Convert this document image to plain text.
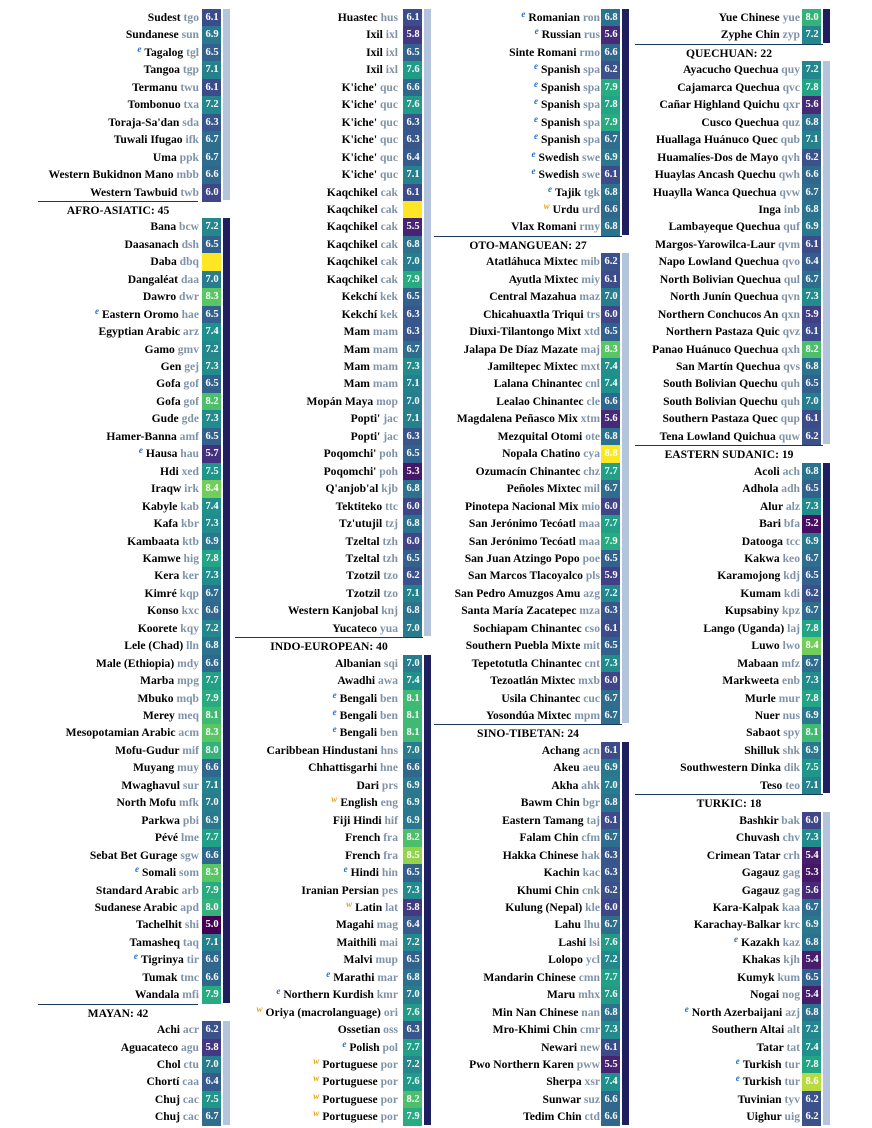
Sudest tgo 6.1
Sundanese sun 6.9
$^e$ Tagalog tgl 6.5
Tangoa tgp 7.1
Termanu twu 6.1
Tombonuo txa 7.2
Toraja-Sa'dan sda 6.3
Tuwali Ifugao ifk 6.7
Uma ppk 6.7
Western Bukidnon Mano mbb 6.6
Western Tawbuid twb 6.0
AFRO-ASIATIC: 45
Bana bcw 7.2
Daasanach dsh 6.5
Daba dbq
Dangaléat daa 7.0
Dawro dwr 8.3
$^e$ Eastern Oromo hae 6.5
Egyptian Arabic arz 7.4
Gamo gmv 7.2
Gen gej 7.3
Gofa gof 6.5
Gofa gof 8.2
Gude gde 7.3
Hamer-Banna amf 6.5
$^e$ Hausa hau 5.7
Hdi xed 7.5
Iraqw irk 8.4
Kabyle kab 7.4
Kafa kbr 7.3
Kambaata ktb 6.9
Kamwe hig 7.8
Kera ker 7.3
Kimré kqp 6.7
Konso kxc 6.6
Koorete kqy 7.2
Lele (Chad) lln 6.8
Male (Ethiopia) mdy 6.6
Marba mpg 7.7
Mbuko mqb 7.9
Merey meq 8.1
Mesopotamian Arabic acm 8.3
Mofu-Gudur mif 8.0
Muyang muy 6.6
Mwaghavul sur 7.1
North Mofu mfk 7.0
Parkwa pbi 6.9
Pévé lme 7.7
Sebat Bet Gurage sgw 6.6
$^e$ Somali som 8.3
Standard Arabic arb 7.9
Sudanese Arabic apd 8.0
Tachelhit shi 5.0
Tamasheq taq 7.1
$^e$ Tigrinya tir 6.6
Tumak tmc 6.6
Wandala mfi 7.9
MAYAN: 42
Achi acr 6.2
Aguacateco agu 5.8
Chol ctu 7.0
Chortí caa 6.4
Chuj cac 7.5
Chuj cac 6.7
Huastec hus 6.1
Ixil ixl 5.8
Ixil ixl 6.5
Ixil ixl 7.6
K'iche' quc 6.6
K'iche' quc 7.6
K'iche' quc 6.3
K'iche' quc 6.3
K'iche' quc 6.4
K'iche' quc 7.1
Kaqchikel cak 6.1
Kaqchikel cak
Kaqchikel cak 5.5
Kaqchikel cak 6.8
Kaqchikel cak 7.0
Kaqchikel cak 7.9
Kekchí kek 6.5
Kekchí kek 6.3
Mam mam 6.3
Mam mam 6.7
Mam mam 7.3
Mam mam 7.1
Mopán Maya mop 7.0
Popti' jac 7.1
Popti' jac 6.3
Poqomchi' poh 6.5
Poqomchi' poh 5.3
Q'anjob'al kjb 6.8
Tektiteko ttc 6.0
Tz'utujil tzj 6.8
Tzeltal tzh 6.0
Tzeltal tzh 6.5
Tzotzil tzo 6.2
Tzotzil tzo 7.1
Western Kanjobal knj 6.8
Yucateco yua 7.0
INDO-EUROPEAN: 40
Albanian sqi 7.0
Awadhi awa 7.4
$^e$ Bengali ben 8.1
$^e$ Bengali ben 8.1
$^e$ Bengali ben 8.1
Caribbean Hindustani hns 7.0
Chhattisgarhi hne 6.6
Dari prs 6.9
$^w$ English eng 6.9
Fiji Hindi hif 6.9
French fra 8.2
French fra 8.5
$^e$ Hindi hin 6.5
Iranian Persian pes 7.3
$^w$ Latin lat 5.8
Magahi mag 6.4
Maithili mai 7.2
Malvi mup 6.5
$^e$ Marathi mar 6.8
$^e$ Northern Kurdish kmr 7.0
$^w$ Oriya (macrolanguage) ori 7.6
Ossetian oss 6.3
$^e$ Polish pol 7.7
$^w$ Portuguese por 7.2
$^w$ Portuguese por 7.6
$^w$ Portuguese por 8.2
$^w$ Portuguese por 7.9
$^e$ Romanian ron 6.8
$^e$ Russian rus 5.6
Sinte Romani rmo 6.6
$^e$ Spanish spa 6.2
$^e$ Spanish spa 7.9
$^e$ Spanish spa 7.8
$^e$ Spanish spa 7.9
$^e$ Spanish spa 6.7
$^e$ Swedish swe 6.9
$^e$ Swedish swe 6.1
$^e$ Tajik tgk 6.8
$^w$ Urdu urd 6.6
Vlax Romani rmy 6.8
OTO-MANGUEAN: 27
Atatláhuca Mixtec mib 6.2
Ayutla Mixtec miy 6.1
Central Mazahua maz 7.0
Chicahuaxtla Triqui trs 6.0
Diuxi-Tilantongo Mixt xtd 6.5
Jalapa De Díaz Mazate maj 8.3
Jamiltepec Mixtec mxt 7.4
Lalana Chinantec cnl 7.4
Lealao Chinantec cle 6.6
Magdalena Peñasco Mix xtm 5.6
Mezquital Otomi ote 6.8
Nopala Chatino cya 8.8
Ozumacín Chinantec chz 7.7
Peñoles Mixtec mil 6.7
Pinotepa Nacional Mix mio 6.0
San Jerónimo Tecóatl maa 7.7
San Jerónimo Tecóatl maa 7.9
San Juan Atzingo Popo poe 6.5
San Marcos Tlacoyalco pls 5.9
San Pedro Amuzgos Amu azg 7.2
Santa María Zacatepec mza 6.3
Sochiapam Chinantec cso 6.1
Southern Puebla Mixte mit 6.5
Tepetotutla Chinantec cnt 7.3
Tezoatlán Mixtec mxb 6.0
Usila Chinantec cuc 6.7
Yosondúa Mixtec mpm 6.7
SINO-TIBETAN: 24
Achang acn 6.1
Akeu aeu 6.9
Akha ahk 7.0
Bawm Chin bgr 6.8
Eastern Tamang taj 6.1
Falam Chin cfm 6.7
Hakka Chinese hak 6.3
Kachin kac 6.3
Khumi Chin cnk 6.2
Kulung (Nepal) kle 6.0
Lahu lhu 6.7
Lashi lsi 7.6
Lolopo ycl 7.2
Mandarin Chinese cmn 7.7
Maru mhx 7.6
Min Nan Chinese nan 6.8
Mro-Khimi Chin cmr 7.3
Newari new 6.1
Pwo Northern Karen pww 5.5
Sherpa xsr 7.4
Sunwar suz 6.6
Tedim Chin ctd 6.6
Yue Chinese yue 8.0
Zyphe Chin zyp 7.2
QUECHUAN: 22
Ayacucho Quechua quy 7.2
Cajamarca Quechua qvc 7.8
Cañar Highland Quichu qxr 5.6
Cusco Quechua quz 6.8
Huallaga Huánuco Quec qub 7.1
Huamalíes-Dos de Mayo qvh 6.2
Huaylas Ancash Quechu qwh 6.6
Huaylla Wanca Quechua qvw 6.7
Inga inb 6.8
Lambayeque Quechua quf 6.9
Margos-Yarowilca-Laur qvm 6.1
Napo Lowland Quechua qvo 6.4
North Bolivian Quechua qul 6.7
North Junín Quechua qvn 7.3
Northern Conchucos An qxn 5.9
Northern Pastaza Quic qvz 6.1
Panao Huánuco Quechua qxh 8.2
San Martín Quechua qvs 6.8
South Bolivian Quechu quh 6.5
South Bolivian Quechu quh 7.0
Southern Pastaza Quec qup 6.1
Tena Lowland Quichua quw 6.2
EASTERN SUDANIC: 19
Acoli ach 6.8
Adhola adh 6.5
Alur alz 7.3
Bari bfa 5.2
Datooga tcc 6.9
Kakwa keo 6.7
Karamojong kdj 6.5
Kumam kdi 6.2
Kupsabiny kpz 6.7
Lango (Uganda) laj 7.8
Luwo lwo 8.4
Mabaan mfz 6.7
Markweeta enb 7.3
Murle mur 7.8
Nuer nus 6.9
Sabaot spy 8.1
Shilluk shk 6.9
Southwestern Dinka dik 7.5
Teso teo 7.1
TURKIC: 18
Bashkir bak 6.0
Chuvash chv 7.3
Crimean Tatar crh 5.4
Gagauz gag 5.3
Gagauz gag 5.6
Kara-Kalpak kaa 6.7
Karachay-Balkar krc 6.9
$^e$ Kazakh kaz 6.8
Khakas kjh 5.4
Kumyk kum 6.5
Nogai nog 5.4
$^e$ North Azerbaijani azj 6.8
Southern Altai alt 7.2
Tatar tat 7.4
$^e$ Turkish tur 7.8
$^e$ Turkish tur 8.6
Tuvinian tyv 6.2
Uighur uig 6.2
